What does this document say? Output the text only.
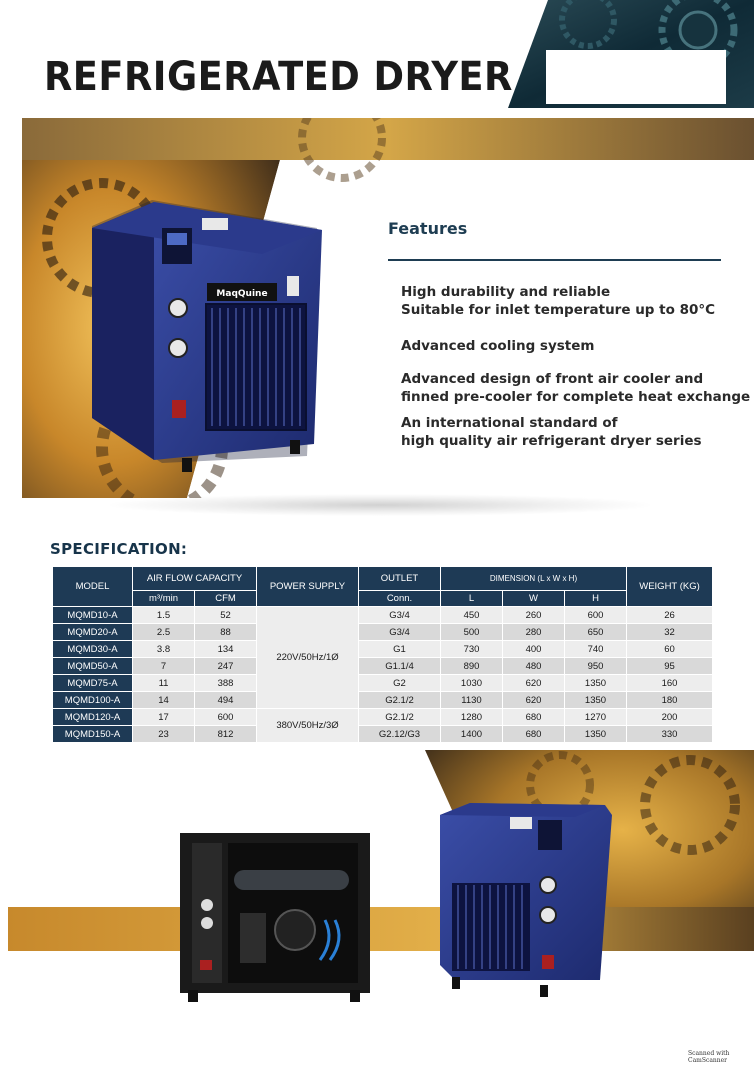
REFRIGERATED DRYER
MaqQuine
Features
High durability and reliable
Suitable for inlet temperature up to 80°C
Advanced cooling system
Advanced design of front air cooler and
finned pre-cooler for complete heat exchange
An international standard of
high quality air refrigerant dryer series
SPECIFICATION:
MODEL	AIR FLOW CAPACITY		POWER SUPPLY	OUTLET	DIMENSION (L x W x H)			WEIGHT (KG)
	m³/min	CFM		Conn.	L	W	H	
MQMD10-A	1.5	52	220V/50Hz/1Ø	G3/4	450	260	600	26
MQMD20-A	2.5	88		G3/4	500	280	650	32
MQMD30-A	3.8	134		G1	730	400	740	60
MQMD50-A	7	247		G1.1/4	890	480	950	95
MQMD75-A	11	388		G2	1030	620	1350	160
MQMD100-A	14	494		G2.1/2	1130	620	1350	180
MQMD120-A	17	600	380V/50Hz/3Ø	G2.1/2	1280	680	1270	200
MQMD150-A	23	812		G2.12/G3	1400	680	1350	330
Scanned with CamScanner
